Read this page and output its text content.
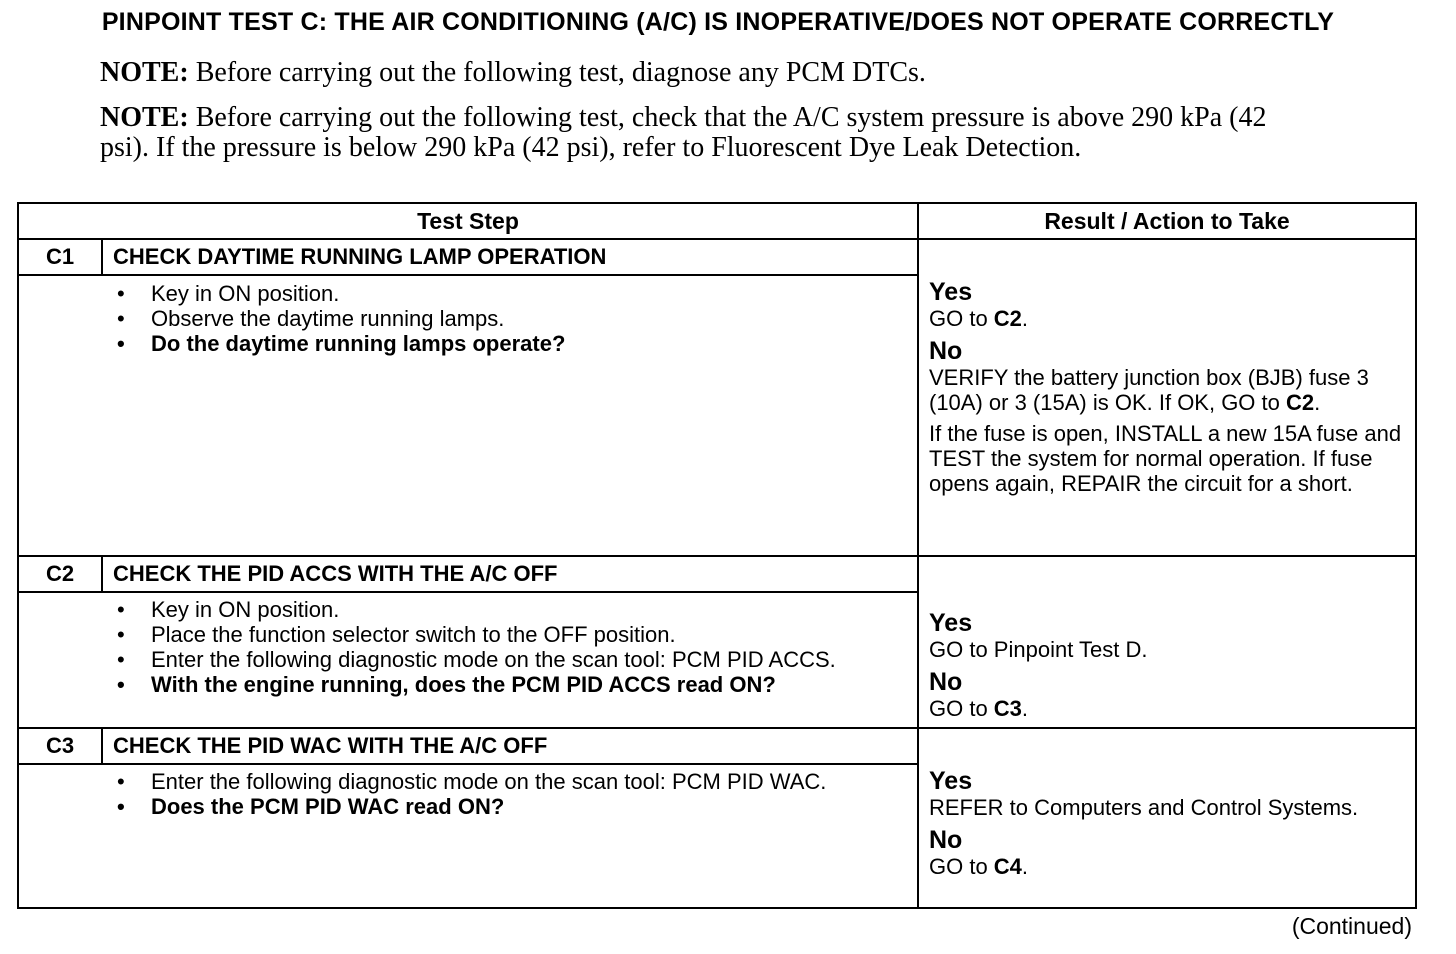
PINPOINT TEST C: THE AIR CONDITIONING (A/C) IS INOPERATIVE/DOES NOT OPERATE CORRECTLY
NOTE: Before carrying out the following test, diagnose any PCM DTCs.
NOTE: Before carrying out the following test, check that the A/C system pressure is above 290 kPa (42 psi). If the pressure is below 290 kPa (42 psi), refer to Fluorescent Dye Leak Detection.
Test Step	Result / Action to Take
C1	CHECK DAYTIME RUNNING LAMP OPERATION
• Key in ON position.
• Observe the daytime running lamps.
• Do the daytime running lamps operate?
Yes
GO to C2.
No
VERIFY the battery junction box (BJB) fuse 3 (10A) or 3 (15A) is OK. If OK, GO to C2.
If the fuse is open, INSTALL a new 15A fuse and TEST the system for normal operation. If fuse opens again, REPAIR the circuit for a short.
C2	CHECK THE PID ACCS WITH THE A/C OFF
• Key in ON position.
• Place the function selector switch to the OFF position.
• Enter the following diagnostic mode on the scan tool: PCM PID ACCS.
• With the engine running, does the PCM PID ACCS read ON?
Yes
GO to Pinpoint Test D.
No
GO to C3.
C3	CHECK THE PID WAC WITH THE A/C OFF
• Enter the following diagnostic mode on the scan tool: PCM PID WAC.
• Does the PCM PID WAC read ON?
Yes
REFER to Computers and Control Systems.
No
GO to C4.
(Continued)
